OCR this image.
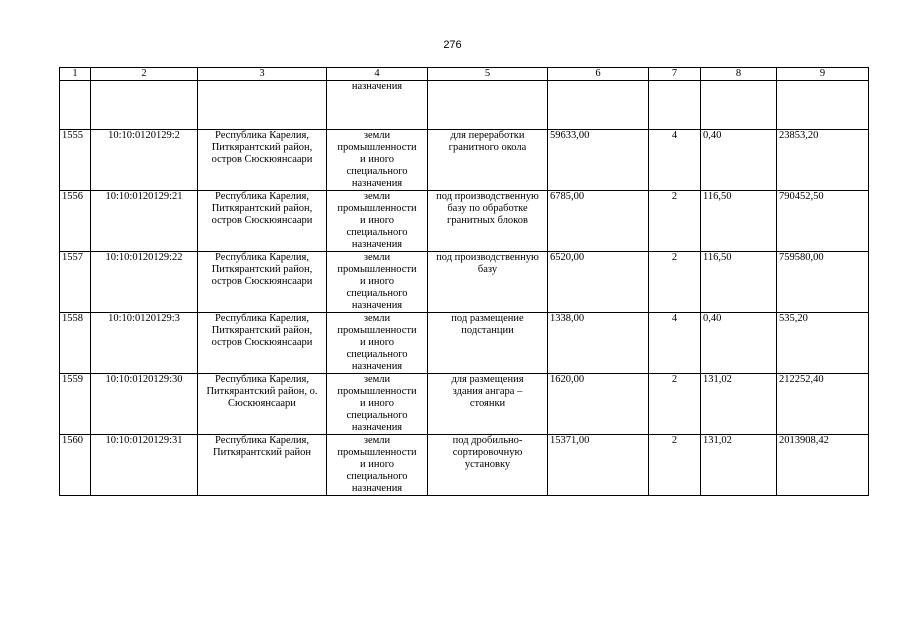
276
1	2	3	4	5	6	7	8	9
			назначения					
1555	10:10:0120129:2	Республика Карелия,
Питкярантский район,
остров Сюскюянсаари	земли
промышленности
и иного
специального
назначения	для переработки
гранитного окола	59633,00	4	0,40	23853,20
1556	10:10:0120129:21	Республика Карелия,
Питкярантский район,
остров Сюскюянсаари	земли
промышленности
и иного
специального
назначения	под производственную
базу по обработке
гранитных блоков	6785,00	2	116,50	790452,50
1557	10:10:0120129:22	Республика Карелия,
Питкярантский район,
остров Сюскюянсаари	земли
промышленности
и иного
специального
назначения	под производственную
базу	6520,00	2	116,50	759580,00
1558	10:10:0120129:3	Республика Карелия,
Питкярантский район,
остров Сюскюянсаари	земли
промышленности
и иного
специального
назначения	под размещение
подстанции	1338,00	4	0,40	535,20
1559	10:10:0120129:30	Республика Карелия,
Питкярантский район, о.
Сюскюянсаари	земли
промышленности
и иного
специального
назначения	для размещения
здания ангара –
стоянки	1620,00	2	131,02	212252,40
1560	10:10:0120129:31	Республика Карелия,
Питкярантский район	земли
промышленности
и иного
специального
назначения	под дробильно-
сортировочную
установку	15371,00	2	131,02	2013908,42
